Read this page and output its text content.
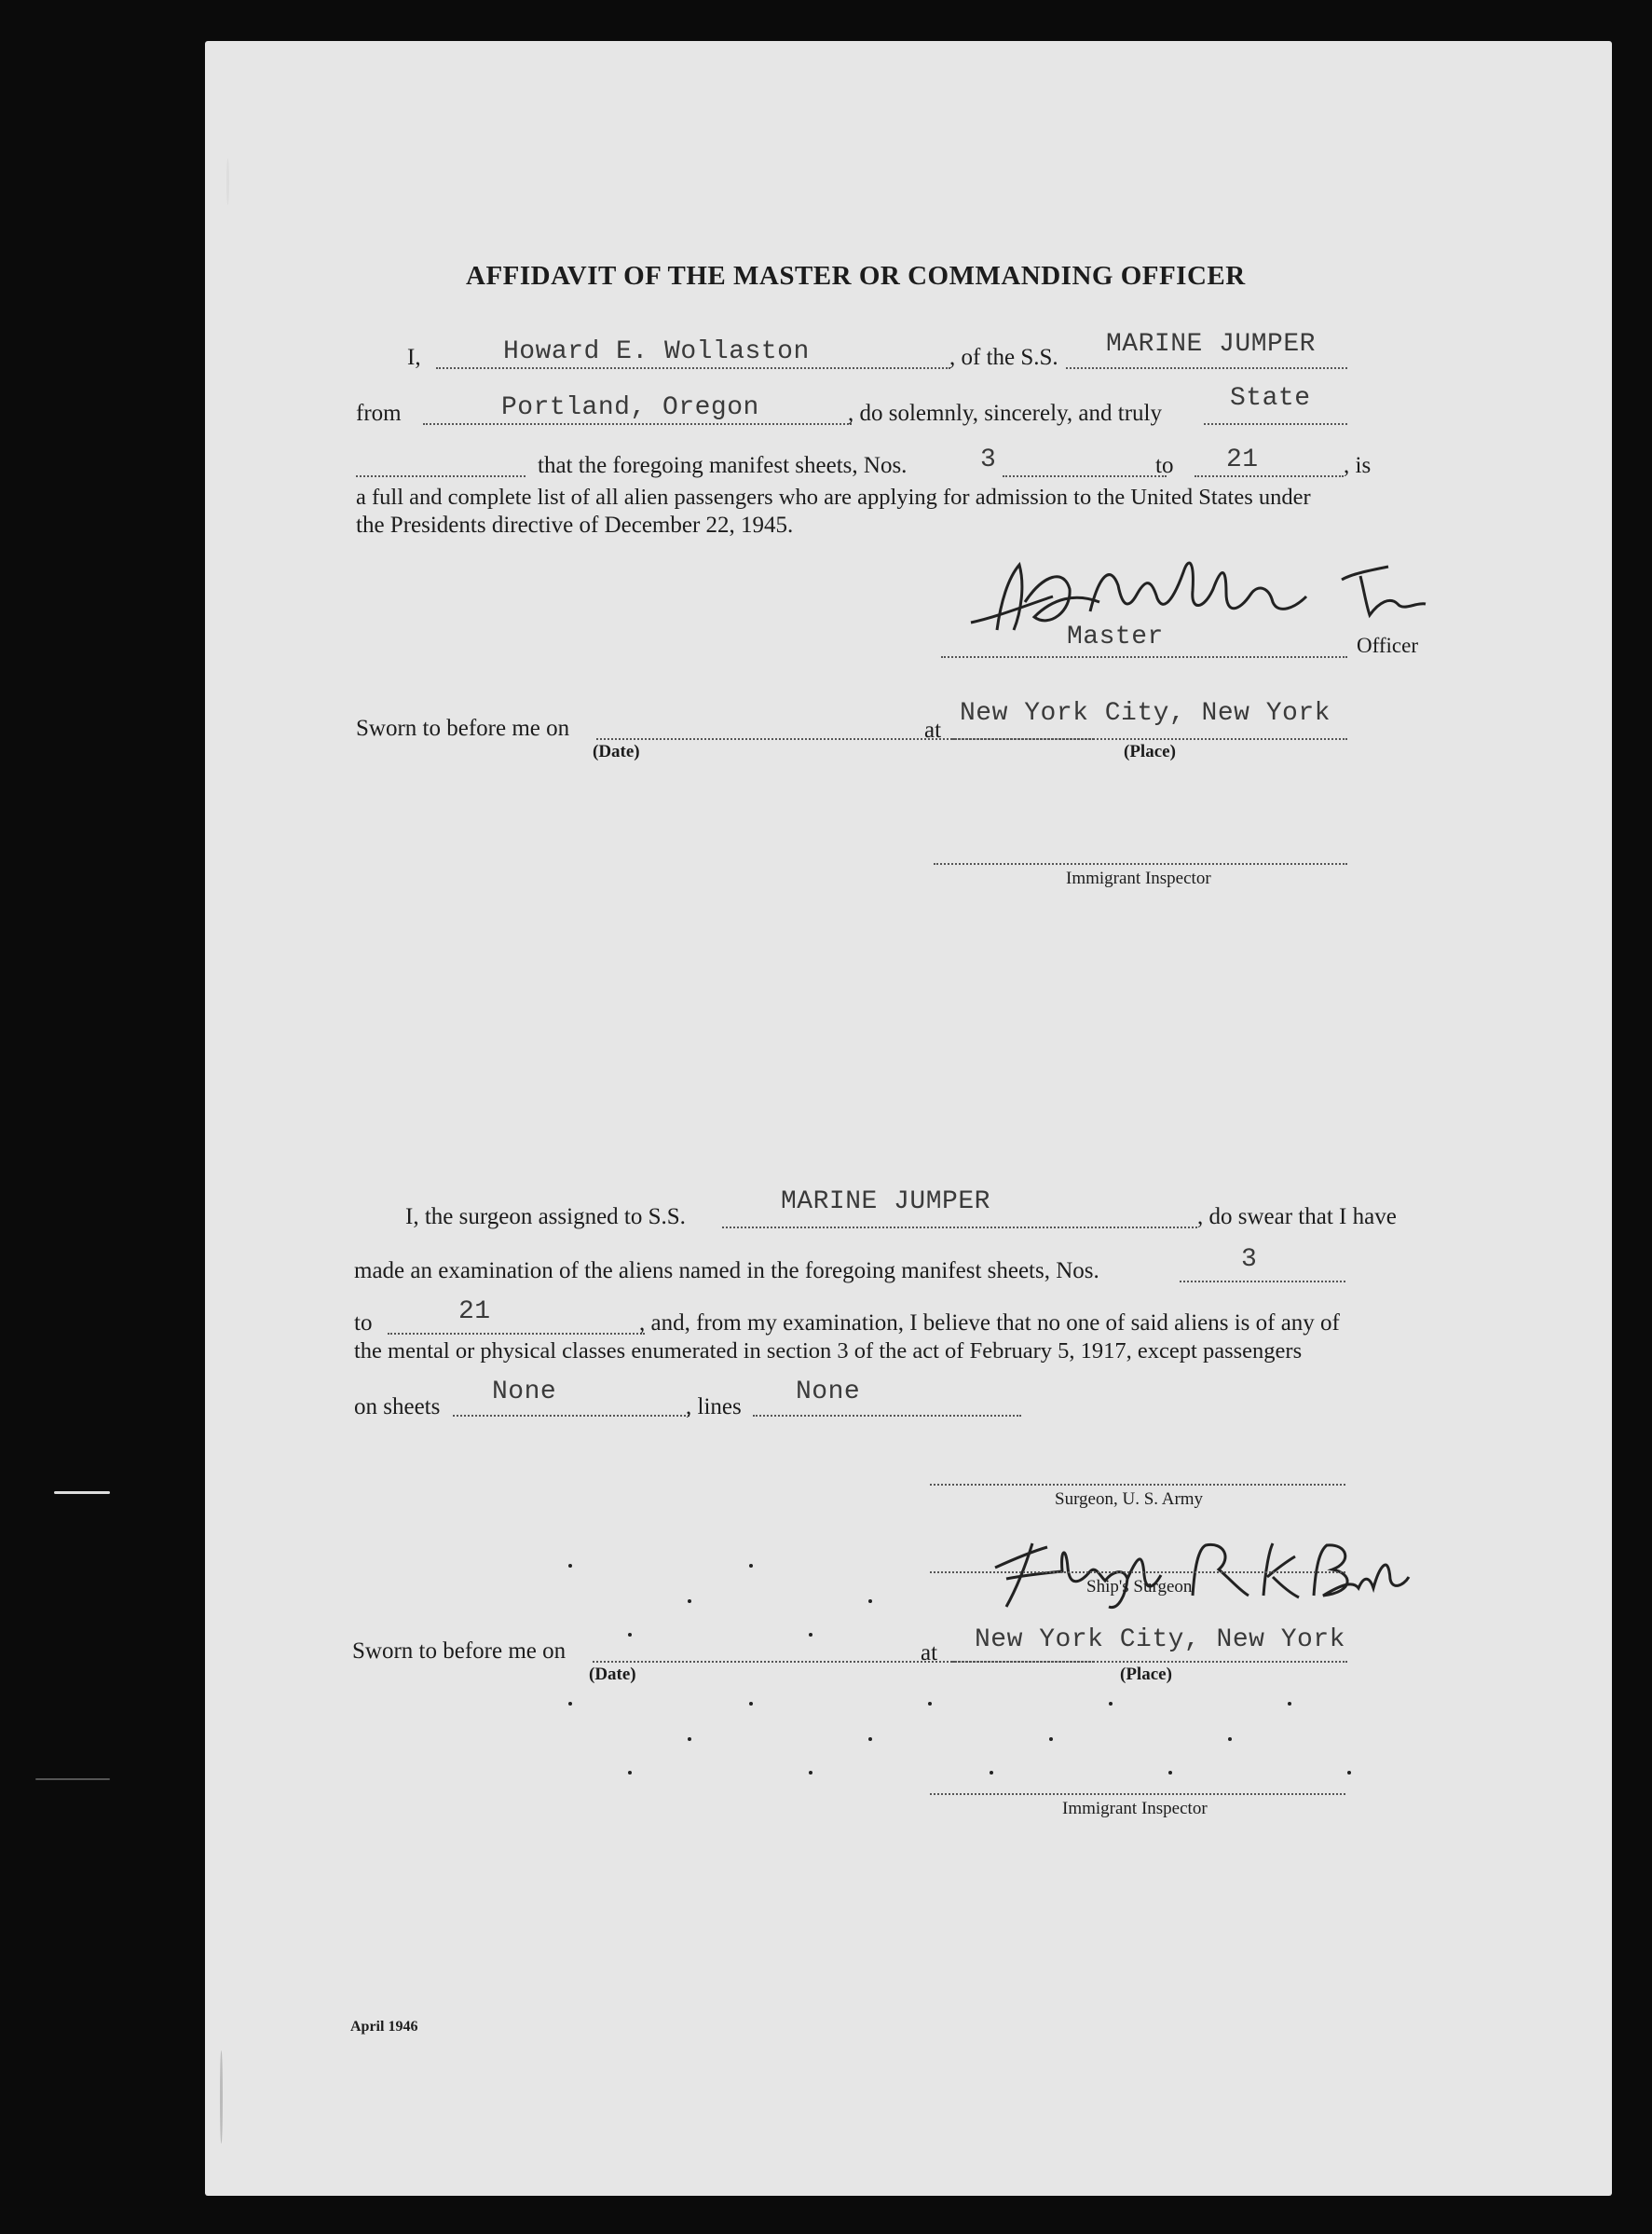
AFFIDAVIT OF THE MASTER OR COMMANDING OFFICER
I,	Howard E. Wollaston	, of the S.S. MARINE JUMPER
from	Portland, Oregon	, do solemnly, sincerely, and truly
State
that the foregoing manifest sheets, Nos.	3	to 21	, is
a full and complete list of all alien passengers who are applying for admission to the United States under
the Presidents directive of December 22, 1945.
Master	Officer
Sworn to before me on
(Date)
at
New York City, New York
(Place)
Immigrant Inspector
I, the surgeon assigned to S.S.
MARINE JUMPER
, do swear that I have
made an examination of the aliens named in the foregoing manifest sheets, Nos.	3
to	21	, and, from my examination, I believe that no one of said aliens is of any of
the mental or physical classes enumerated in section 3 of the act of February 5, 1917, except passengers
on sheets
None
, lines
None
Surgeon, U. S. Army
Ship's Surgeon
Sworn to before me on
(Date)
at New York City, New York
(Place)
Immigrant Inspector
April 1946
